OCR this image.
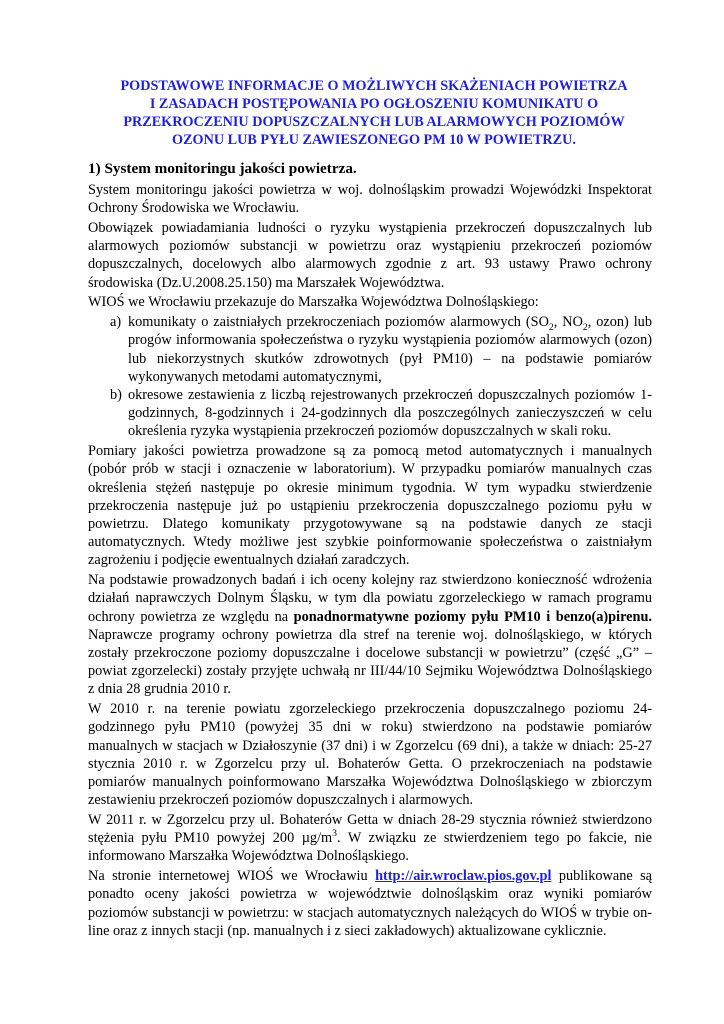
PODSTAWOWE INFORMACJE O MOŻLIWYCH SKAŻENIACH POWIETRZA
I ZASADACH POSTĘPOWANIA PO OGŁOSZENIU KOMUNIKATU O
PRZEKROCZENIU DOPUSZCZALNYCH LUB ALARMOWYCH POZIOMÓW
OZONU LUB PYŁU ZAWIESZONEGO PM 10 W POWIETRZU.
1) System monitoringu jakości powietrza.

System monitoringu jakości powietrza w woj. dolnośląskim prowadzi Wojewódzki Inspektorat Ochrony Środowiska we Wrocławiu.

Obowiązek powiadamiania ludności o ryzyku wystąpienia przekroczeń dopuszczalnych lub alarmowych poziomów substancji w powietrzu oraz wystąpieniu przekroczeń poziomów dopuszczalnych, docelowych albo alarmowych zgodnie z art. 93 ustawy Prawo ochrony środowiska (Dz.U.2008.25.150) ma Marszałek Województwa.

WIOŚ we Wrocławiu przekazuje do Marszałka Województwa Dolnośląskiego:

a) komunikaty o zaistniałych przekroczeniach poziomów alarmowych ($SO_2$, $NO_2$, ozon) lub progów informowania społeczeństwa o ryzyku wystąpienia poziomów alarmowych (ozon) lub niekorzystnych skutków zdrowotnych (pył PM10) – na podstawie pomiarów wykonywanych metodami automatycznymi,
b) okresowe zestawienia z liczbą rejestrowanych przekroczeń dopuszczalnych poziomów 1-godzinnych, 8-godzinnych i 24-godzinnych dla poszczególnych zanieczyszczeń w celu określenia ryzyka wystąpienia przekroczeń poziomów dopuszczalnych w skali roku.

Pomiary jakości powietrza prowadzone są za pomocą metod automatycznych i manualnych (pobór prób w stacji i oznaczenie w laboratorium). W przypadku pomiarów manualnych czas określenia stężeń następuje po okresie minimum tygodnia. W tym wypadku stwierdzenie przekroczenia następuje już po ustąpieniu przekroczenia dopuszczalnego poziomu pyłu w powietrzu. Dlatego komunikaty przygotowywane są na podstawie danych ze stacji automatycznych. Wtedy możliwe jest szybkie poinformowanie społeczeństwa o zaistniałym zagrożeniu i podjęcie ewentualnych działań zaradczych.

Na podstawie prowadzonych badań i ich oceny kolejny raz stwierdzono konieczność wdrożenia działań naprawczych Dolnym Śląsku, w tym dla powiatu zgorzeleckiego w ramach programu ochrony powietrza ze względu na ponadnormatywne poziomy pyłu PM10 i benzo(a)pirenu. Naprawcze programy ochrony powietrza dla stref na terenie woj. dolnośląskiego, w których zostały przekroczone poziomy dopuszczalne i docelowe substancji w powietrzu” (część „G” – powiat zgorzelecki) zostały przyjęte uchwałą nr III/44/10 Sejmiku Województwa Dolnośląskiego z dnia 28 grudnia 2010 r.

W 2010 r. na terenie powiatu zgorzeleckiego przekroczenia dopuszczalnego poziomu 24-godzinnego pyłu PM10 (powyżej 35 dni w roku) stwierdzono na podstawie pomiarów manualnych w stacjach w Działoszynie (37 dni) i w Zgorzelcu (69 dni), a także w dniach: 25-27 stycznia 2010 r. w Zgorzelcu przy ul. Bohaterów Getta. O przekroczeniach na podstawie pomiarów manualnych poinformowano Marszałka Województwa Dolnośląskiego w zbiorczym zestawieniu przekroczeń poziomów dopuszczalnych i alarmowych.

W 2011 r. w Zgorzelcu przy ul. Bohaterów Getta w dniach 28-29 stycznia również stwierdzono stężenia pyłu PM10 powyżej 200 $\mu g/m^3$. W związku ze stwierdzeniem tego po fakcie, nie informowano Marszałka Województwa Dolnośląskiego.

Na stronie internetowej WIOŚ we Wrocławiu http://air.wroclaw.pios.gov.pl publikowane są ponadto oceny jakości powietrza w województwie dolnośląskim oraz wyniki pomiarów poziomów substancji w powietrzu: w stacjach automatycznych należących do WIOŚ w trybie on-line oraz z innych stacji (np. manualnych i z sieci zakładowych) aktualizowane cyklicznie.
